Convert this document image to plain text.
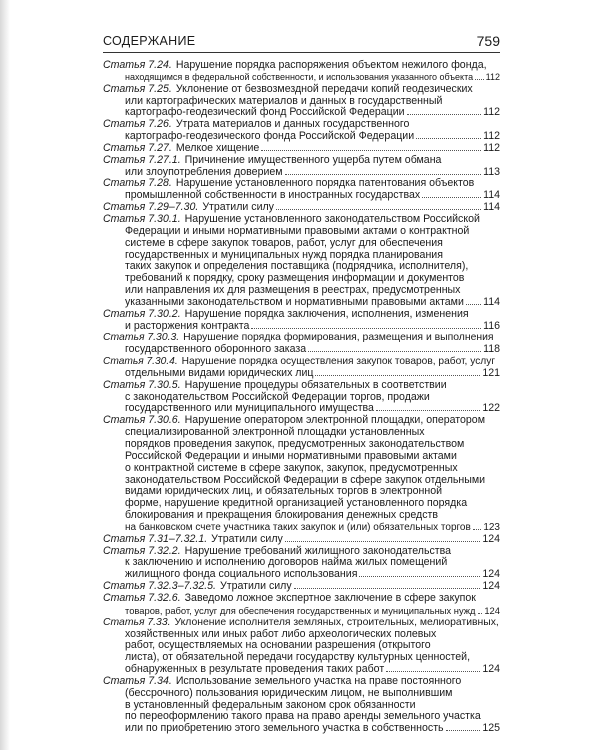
СОДЕРЖАНИЕ	759
Статья 7.24. Нарушение порядка распоряжения объектом нежилого фонда,
находящимся в федеральной собственности, и использования указанного объекта 112
Статья 7.25. Уклонение от безвозмездной передачи копий геодезических
или картографических материалов и данных в государственный
картографо-геодезический фонд Российской Федерации	112
Статья 7.26. Утрата материалов и данных государственного
картографо-геодезического фонда Российской Федерации	112
Статья 7.27. Мелкое хищение	112
Статья 7.27.1. Причинение имущественного ущерба путем обмана
или злоупотребления доверием	113
Статья 7.28. Нарушение установленного порядка патентования объектов
промышленной собственности в иностранных государствах	114
Статья 7.29–7.30. Утратили силу	114
Статья 7.30.1. Нарушение установленного законодательством Российской
Федерации и иными нормативными правовыми актами о контрактной
системе в сфере закупок товаров, работ, услуг для обеспечения
государственных и муниципальных нужд порядка планирования
таких закупок и определения поставщика (подрядчика, исполнителя),
требований к порядку, сроку размещения информации и документов
или направления их для размещения в реестрах, предусмотренных
указанными законодательством и нормативными правовыми актами 114
Статья 7.30.2. Нарушение порядка заключения, исполнения, изменения
и расторжения контракта	116
Статья 7.30.3. Нарушение порядка формирования, размещения и выполнения
государственного оборонного заказа	118
Статья 7.30.4. Нарушение порядка осуществления закупок товаров, работ, услуг
отдельными видами юридических лиц	121
Статья 7.30.5. Нарушение процедуры обязательных в соответствии
с законодательством Российской Федерации торгов, продажи
государственного или муниципального имущества	122
Статья 7.30.6. Нарушение оператором электронной площадки, оператором
специализированной электронной площадки установленных
порядков проведения закупок, предусмотренных законодательством
Российской Федерации и иными нормативными правовыми актами
о контрактной системе в сфере закупок, закупок, предусмотренных
законодательством Российской Федерации в сфере закупок отдельными
видами юридических лиц, и обязательных торгов в электронной
форме, нарушение кредитной организацией установленного порядка
блокирования и прекращения блокирования денежных средств
на банковском счете участника таких закупок и (или) обязательных торгов 123
Статья 7.31–7.32.1. Утратили силу	124
Статья 7.32.2. Нарушение требований жилищного законодательства
к заключению и исполнению договоров найма жилых помещений
жилищного фонда социального использования	124
Статья 7.32.3–7.32.5. Утратили силу	124
Статья 7.32.6. Заведомо ложное экспертное заключение в сфере закупок
товаров, работ, услуг для обеспечения государственных и муниципальных нужд 124
Статья 7.33. Уклонение исполнителя земляных, строительных, мелиоративных,
хозяйственных или иных работ либо археологических полевых
работ, осуществляемых на основании разрешения (открытого
листа), от обязательной передачи государству культурных ценностей,
обнаруженных в результате проведения таких работ	124
Статья 7.34. Использование земельного участка на праве постоянного
(бессрочного) пользования юридическим лицом, не выполнившим
в установленный федеральным законом срок обязанности
по переоформлению такого права на право аренды земельного участка
или по приобретению этого земельного участка в собственность	125
